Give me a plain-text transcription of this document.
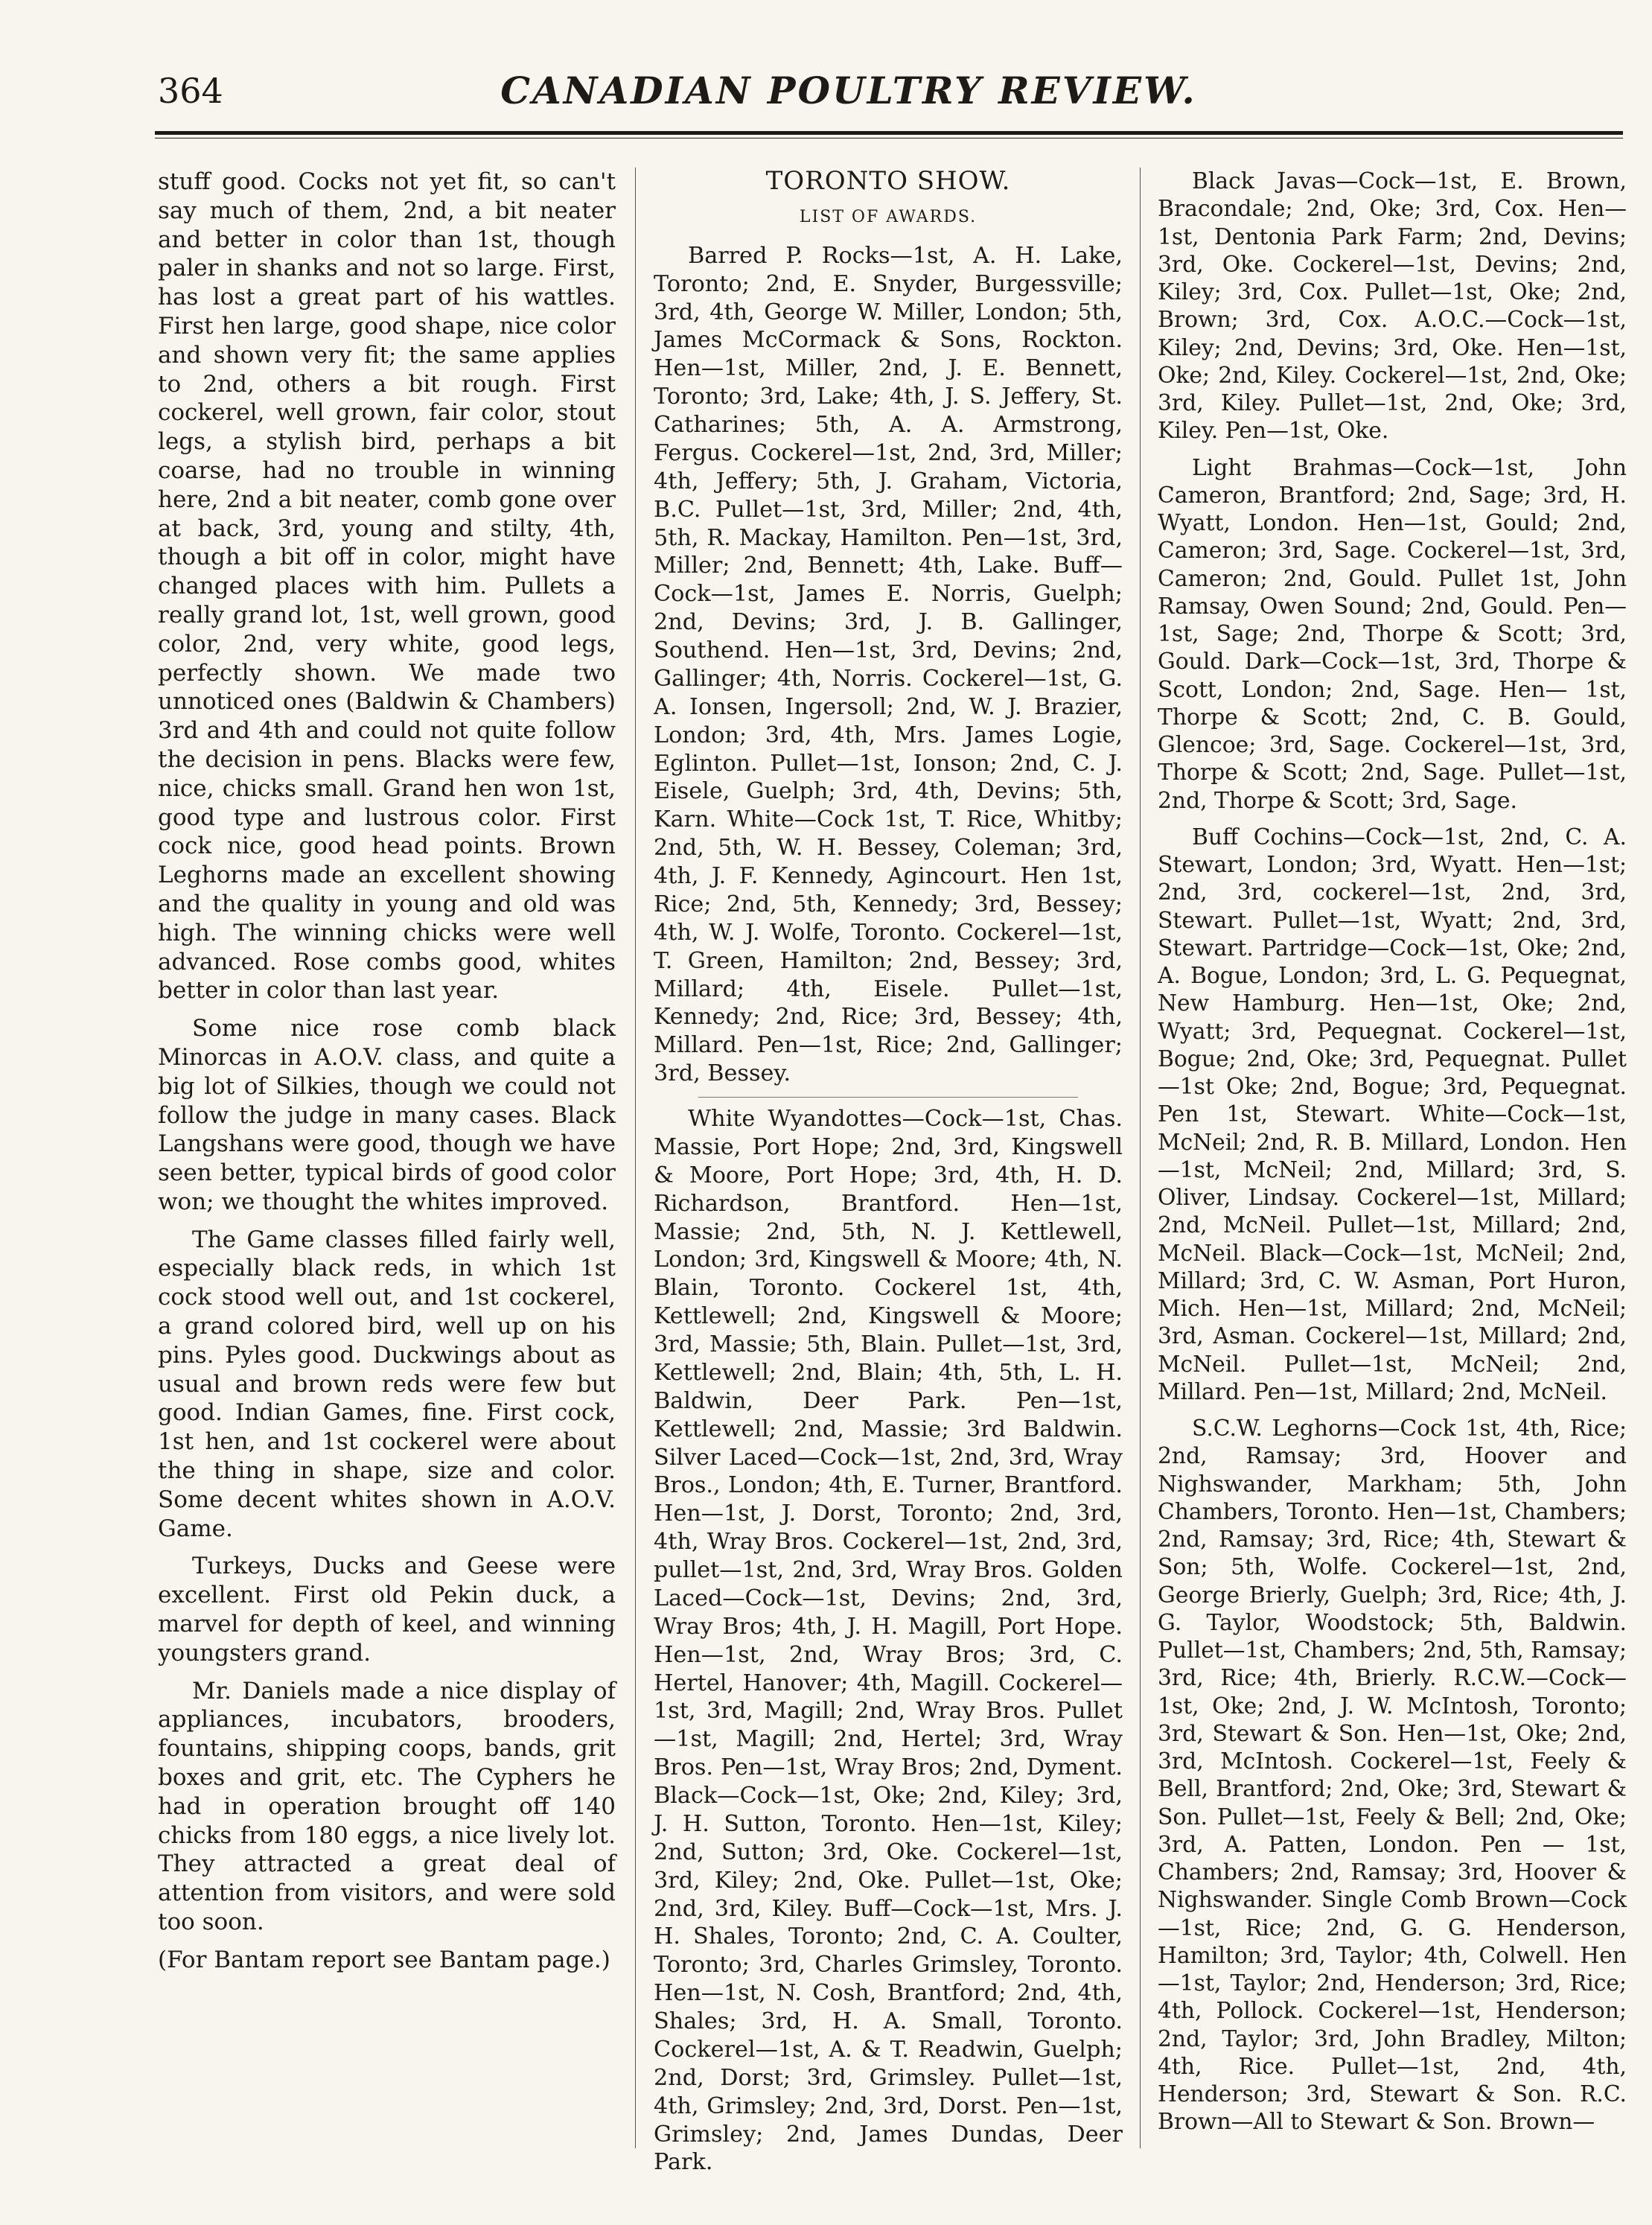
364	CANADIAN POULTRY REVIEW.

stuff good. Cocks not yet fit, so can't say much of them, 2nd, a bit neater and better in color than 1st, though paler in shanks and not so large. First, has lost a great part of his wattles. First hen large, good shape, nice color and shown very fit; the same applies to 2nd, others a bit rough. First cockerel, well grown, fair color, stout legs, a stylish bird, perhaps a bit coarse, had no trouble in winning here, 2nd a bit neater, comb gone over at back, 3rd, young and stilty, 4th, though a bit off in color, might have changed places with him. Pullets a really grand lot, 1st, well grown, good color, 2nd, very white, good legs, perfectly shown. We made two unnoticed ones (Baldwin & Chambers) 3rd and 4th and could not quite follow the decision in pens. Blacks were few, nice, chicks small. Grand hen won 1st, good type and lustrous color. First cock nice, good head points. Brown Leghorns made an excellent showing and the quality in young and old was high. The winning chicks were well advanced. Rose combs good, whites better in color than last year.

Some nice rose comb black Minorcas in A.O.V. class, and quite a big lot of Silkies, though we could not follow the judge in many cases. Black Langshans were good, though we have seen better, typical birds of good color won; we thought the whites improved.

The Game classes filled fairly well, especially black reds, in which 1st cock stood well out, and 1st cockerel, a grand colored bird, well up on his pins. Pyles good. Duckwings about as usual and brown reds were few but good. Indian Games, fine. First cock, 1st hen, and 1st cockerel were about the thing in shape, size and color. Some decent whites shown in A.O.V. Game.

Turkeys, Ducks and Geese were excellent. First old Pekin duck, a marvel for depth of keel, and winning youngsters grand.

Mr. Daniels made a nice display of appliances, incubators, brooders, fountains, shipping coops, bands, grit boxes and grit, etc. The Cyphers he had in operation brought off 140 chicks from 180 eggs, a nice lively lot. They attracted a great deal of attention from visitors, and were sold too soon.

(For Bantam report see Bantam page.)

TORONTO SHOW.
LIST OF AWARDS.

Barred P. Rocks—1st, A. H. Lake, Toronto; 2nd, E. Snyder, Burgessville; 3rd, 4th, George W. Miller, London; 5th, James McCormack & Sons, Rockton. Hen—1st, Miller, 2nd, J. E. Bennett, Toronto; 3rd, Lake; 4th, J. S. Jeffery, St. Catharines; 5th, A. A. Armstrong, Fergus. Cockerel—1st, 2nd, 3rd, Miller; 4th, Jeffery; 5th, J. Graham, Victoria, B.C. Pullet—1st, 3rd, Miller; 2nd, 4th, 5th, R. Mackay, Hamilton. Pen—1st, 3rd, Miller; 2nd, Bennett; 4th, Lake. Buff—Cock—1st, James E. Norris, Guelph; 2nd, Devins; 3rd, J. B. Gallinger, Southend. Hen—1st, 3rd, Devins; 2nd, Gallinger; 4th, Norris. Cockerel—1st, G. A. Ionsen, Ingersoll; 2nd, W. J. Brazier, London; 3rd, 4th, Mrs. James Logie, Eglinton. Pullet—1st, Ionson; 2nd, C. J. Eisele, Guelph; 3rd, 4th, Devins; 5th, Karn. White—Cock 1st, T. Rice, Whitby; 2nd, 5th, W. H. Bessey, Coleman; 3rd, 4th, J. F. Kennedy, Agincourt. Hen 1st, Rice; 2nd, 5th, Kennedy; 3rd, Bessey; 4th, W. J. Wolfe, Toronto. Cockerel—1st, T. Green, Hamilton; 2nd, Bessey; 3rd, Millard; 4th, Eisele. Pullet—1st, Kennedy; 2nd, Rice; 3rd, Bessey; 4th, Millard. Pen—1st, Rice; 2nd, Gallinger; 3rd, Bessey.

White Wyandottes—Cock—1st, Chas. Massie, Port Hope; 2nd, 3rd, Kingswell & Moore, Port Hope; 3rd, 4th, H. D. Richardson, Brantford. Hen—1st, Massie; 2nd, 5th, N. J. Kettlewell, London; 3rd, Kingswell & Moore; 4th, N. Blain, Toronto. Cockerel 1st, 4th, Kettlewell; 2nd, Kingswell & Moore; 3rd, Massie; 5th, Blain. Pullet—1st, 3rd, Kettlewell; 2nd, Blain; 4th, 5th, L. H. Baldwin, Deer Park. Pen—1st, Kettlewell; 2nd, Massie; 3rd Baldwin. Silver Laced—Cock—1st, 2nd, 3rd, Wray Bros., London; 4th, E. Turner, Brantford. Hen—1st, J. Dorst, Toronto; 2nd, 3rd, 4th, Wray Bros. Cockerel—1st, 2nd, 3rd, pullet—1st, 2nd, 3rd, Wray Bros. Golden Laced—Cock—1st, Devins; 2nd, 3rd, Wray Bros; 4th, J. H. Magill, Port Hope. Hen—1st, 2nd, Wray Bros; 3rd, C. Hertel, Hanover; 4th, Magill. Cockerel—1st, 3rd, Magill; 2nd, Wray Bros. Pullet—1st, Magill; 2nd, Hertel; 3rd, Wray Bros. Pen—1st, Wray Bros; 2nd, Dyment. Black—Cock—1st, Oke; 2nd, Kiley; 3rd, J. H. Sutton, Toronto. Hen—1st, Kiley; 2nd, Sutton; 3rd, Oke. Cockerel—1st, 3rd, Kiley; 2nd, Oke. Pullet—1st, Oke; 2nd, 3rd, Kiley. Buff—Cock—1st, Mrs. J. H. Shales, Toronto; 2nd, C. A. Coulter, Toronto; 3rd, Charles Grimsley, Toronto. Hen—1st, N. Cosh, Brantford; 2nd, 4th, Shales; 3rd, H. A. Small, Toronto. Cockerel—1st, A. & T. Readwin, Guelph; 2nd, Dorst; 3rd, Grimsley. Pullet—1st, 4th, Grimsley; 2nd, 3rd, Dorst. Pen—1st, Grimsley; 2nd, James Dundas, Deer Park.

Black Javas—Cock—1st, E. Brown, Bracondale; 2nd, Oke; 3rd, Cox. Hen—1st, Dentonia Park Farm; 2nd, Devins; 3rd, Oke. Cockerel—1st, Devins; 2nd, Kiley; 3rd, Cox. Pullet—1st, Oke; 2nd, Brown; 3rd, Cox. A.O.C.—Cock—1st, Kiley; 2nd, Devins; 3rd, Oke. Hen—1st, Oke; 2nd, Kiley. Cockerel—1st, 2nd, Oke; 3rd, Kiley. Pullet—1st, 2nd, Oke; 3rd, Kiley. Pen—1st, Oke.

Light Brahmas—Cock—1st, John Cameron, Brantford; 2nd, Sage; 3rd, H. Wyatt, London. Hen—1st, Gould; 2nd, Cameron; 3rd, Sage. Cockerel—1st, 3rd, Cameron; 2nd, Gould. Pullet 1st, John Ramsay, Owen Sound; 2nd, Gould. Pen—1st, Sage; 2nd, Thorpe & Scott; 3rd, Gould. Dark—Cock—1st, 3rd, Thorpe & Scott, London; 2nd, Sage. Hen— 1st, Thorpe & Scott; 2nd, C. B. Gould, Glencoe; 3rd, Sage. Cockerel—1st, 3rd, Thorpe & Scott; 2nd, Sage. Pullet—1st, 2nd, Thorpe & Scott; 3rd, Sage.

Buff Cochins—Cock—1st, 2nd, C. A. Stewart, London; 3rd, Wyatt. Hen—1st; 2nd, 3rd, cockerel—1st, 2nd, 3rd, Stewart. Pullet—1st, Wyatt; 2nd, 3rd, Stewart. Partridge—Cock—1st, Oke; 2nd, A. Bogue, London; 3rd, L. G. Pequegnat, New Hamburg. Hen—1st, Oke; 2nd, Wyatt; 3rd, Pequegnat. Cockerel—1st, Bogue; 2nd, Oke; 3rd, Pequegnat. Pullet—1st Oke; 2nd, Bogue; 3rd, Pequegnat. Pen 1st, Stewart. White—Cock—1st, McNeil; 2nd, R. B. Millard, London. Hen—1st, McNeil; 2nd, Millard; 3rd, S. Oliver, Lindsay. Cockerel—1st, Millard; 2nd, McNeil. Pullet—1st, Millard; 2nd, McNeil. Black—Cock—1st, McNeil; 2nd, Millard; 3rd, C. W. Asman, Port Huron, Mich. Hen—1st, Millard; 2nd, McNeil; 3rd, Asman. Cockerel—1st, Millard; 2nd, McNeil. Pullet—1st, McNeil; 2nd, Millard. Pen—1st, Millard; 2nd, McNeil.

S.C.W. Leghorns—Cock 1st, 4th, Rice; 2nd, Ramsay; 3rd, Hoover and Nighswander, Markham; 5th, John Chambers, Toronto. Hen—1st, Chambers; 2nd, Ramsay; 3rd, Rice; 4th, Stewart & Son; 5th, Wolfe. Cockerel—1st, 2nd, George Brierly, Guelph; 3rd, Rice; 4th, J. G. Taylor, Woodstock; 5th, Baldwin. Pullet—1st, Chambers; 2nd, 5th, Ramsay; 3rd, Rice; 4th, Brierly. R.C.W.—Cock—1st, Oke; 2nd, J. W. McIntosh, Toronto; 3rd, Stewart & Son. Hen—1st, Oke; 2nd, 3rd, McIntosh. Cockerel—1st, Feely & Bell, Brantford; 2nd, Oke; 3rd, Stewart & Son. Pullet—1st, Feely & Bell; 2nd, Oke; 3rd, A. Patten, London. Pen — 1st, Chambers; 2nd, Ramsay; 3rd, Hoover & Nighswander. Single Comb Brown—Cock—1st, Rice; 2nd, G. G. Henderson, Hamilton; 3rd, Taylor; 4th, Colwell. Hen—1st, Taylor; 2nd, Henderson; 3rd, Rice; 4th, Pollock. Cockerel—1st, Henderson; 2nd, Taylor; 3rd, John Bradley, Milton; 4th, Rice. Pullet—1st, 2nd, 4th, Henderson; 3rd, Stewart & Son. R.C. Brown—All to Stewart & Son. Brown—
